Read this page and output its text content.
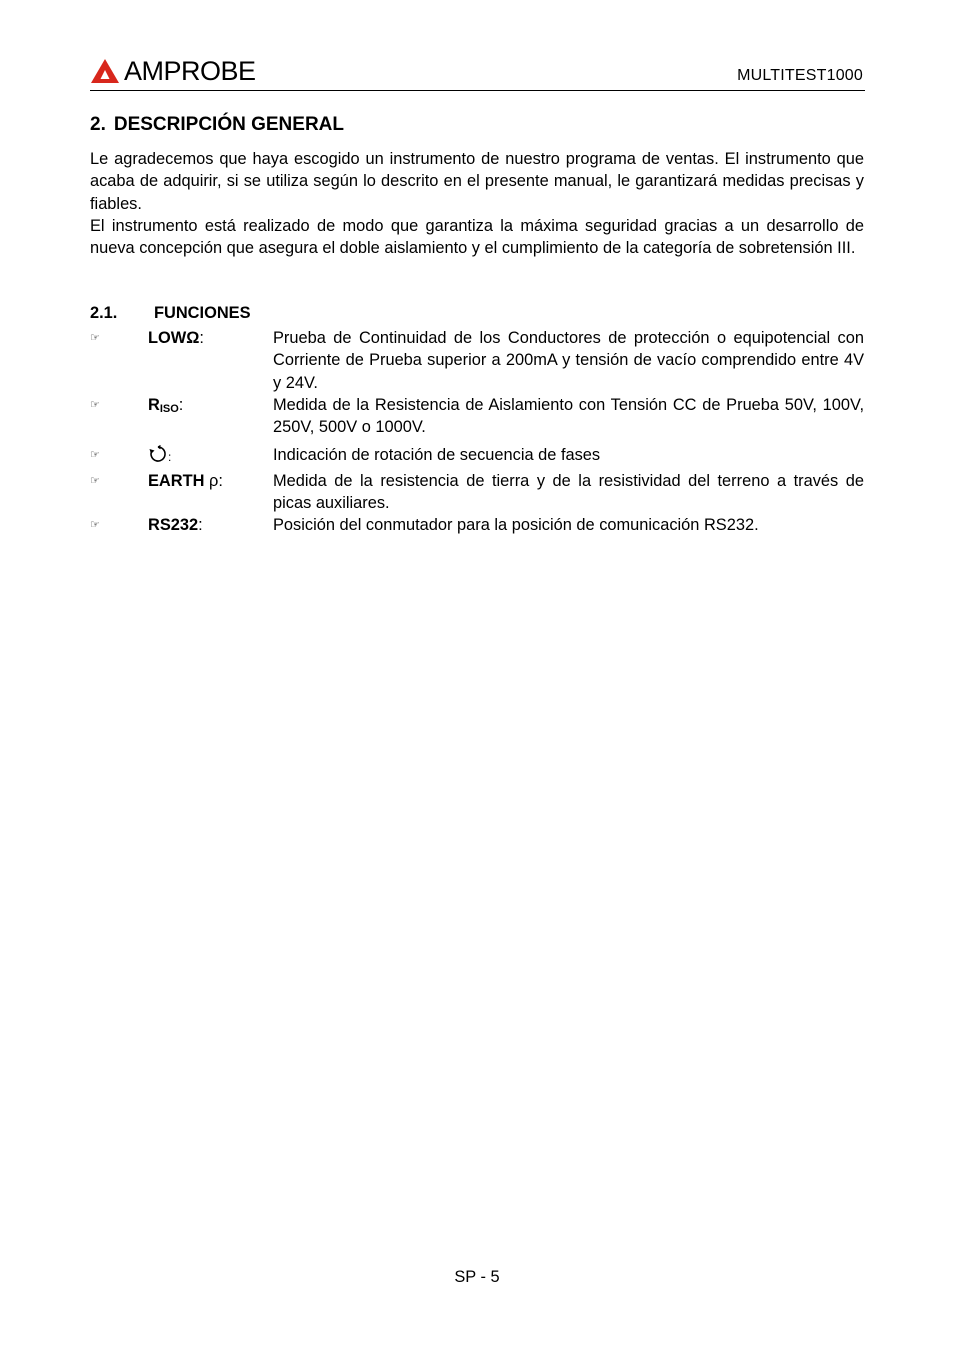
AMPROBE	MULTITEST1000
2. DESCRIPCIÓN GENERAL

Le agradecemos que haya escogido un instrumento de nuestro programa de ventas. El instrumento que acaba de adquirir, si se utiliza según lo descrito en el presente manual, le garantizará medidas precisas y fiables.

El instrumento está realizado de modo que garantiza la máxima seguridad gracias a un desarrollo de nueva concepción que asegura el doble aislamiento y el cumplimiento de la categoría de sobretensión III.

2.1. FUNCIONES
☞	LOWΩ:	Prueba de Continuidad de los Conductores de protección o equipotencial con Corriente de Prueba superior a 200mA y tensión de vacío comprendido entre 4V y 24V.
☞	RISO:	Medida de la Resistencia de Aislamiento con Tensión CC de Prueba 50V, 100V, 250V, 500V o 1000V.
☞	:	Indicación de rotación de secuencia de fases
☞	EARTH ρ:	Medida de la resistencia de tierra y de la resistividad del terreno a través de picas auxiliares.
☞	RS232:	Posición del conmutador para la posición de comunicación RS232.
SP - 5
